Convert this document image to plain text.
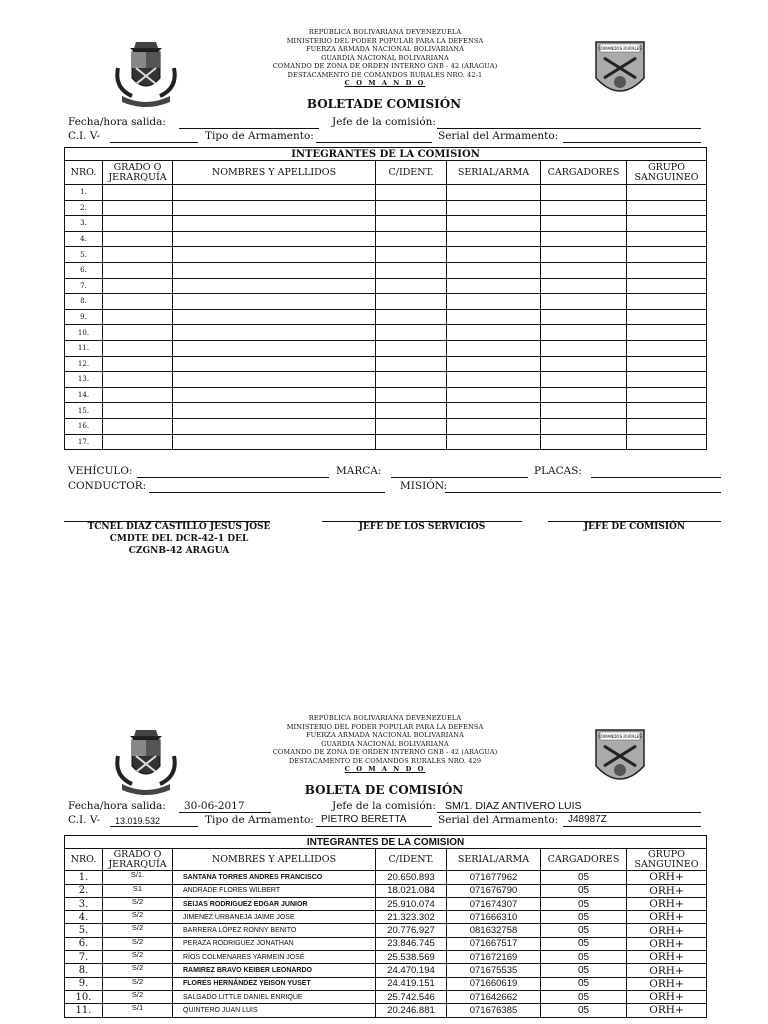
REPÚBLICA BOLIVARIANA DEVENEZUELA
MINISTERIO DEL PODER POPULAR PARA LA DEFENSA
FUERZA ARMADA NACIONAL BOLIVARIANA
GUARDIA NACIONAL BOLIVARIANA
COMANDO DE ZONA DE ORDEN INTERNO GNB - 42 (ARAGUA)
DESTACAMENTO DE COMANDOS RURALES NRO. 42-1
C O M A N D O
COMANDOS RURALES
BOLETADE COMISIÓN
Fecha/hora salida:	Jefe de la comisión:
C.I. V-	Tipo de Armamento:	Serial del Armamento:
INTEGRANTES DE LA COMISION						
NRO.	GRADO O JERARQUÍA	NOMBRES Y APELLIDOS	C/IDENT.	SERIAL/ARMA	CARGADORES	GRUPO SANGUINEO
1.						
2.						
3.						
4.						
5.						
6.						
7.						
8.						
9.						
10.						
11.						
12.						
13.						
14.						
15.						
16.						
17.						
VEHÍCULO:	MARCA:	PLACAS:
CONDUCTOR:	MISIÓN:
TCNEL DIAZ CASTILLO JESUS JOSE
CMDTE DEL DCR-42-1 DEL
CZGNB-42 ARAGUA
JEFE DE LOS SERVICIOS	JEFE DE COMISIÓN
REPÚBLICA BOLIVARIANA DEVENEZUELA
MINISTERIO DEL PODER POPULAR PARA LA DEFENSA
FUERZA ARMADA NACIONAL BOLIVARIANA
GUARDIA NACIONAL BOLIVARIANA
COMANDO DE ZONA DE ORDEN INTERNO GNB - 42 (ARAGUA)
DESTACAMENTO DE COMANDOS RURALES NRO. 429
C O M A N D O
COMANDOS RURALES
BOLETA DE COMISIÓN
Fecha/hora salida: 30-06-2017	Jefe de la comisión: SM/1. DIAZ ANTIVERO LUIS
C.I. V- 13.019.532	Tipo de Armamento: PIETRO BERETTA	Serial del Armamento: J48987Z
INTEGRANTES DE LA COMISION						
NRO.	GRADO O JERARQUÍA	NOMBRES Y APELLIDOS	C/IDENT.	SERIAL/ARMA	CARGADORES	GRUPO SANGUINEO
1.	S/1.	SANTANA TORRES ANDRES FRANCISCO	20.650.893	071677962	05	ORH+
2.	S1	ANDRADE FLORES WILBERT	18.021.084	071676790	05	ORH+
3.	S/2	SEIJAS RODRIGUEZ EDGAR JUNIOR	25.910.074	071674307	05	ORH+
4.	S/2	JIMENEZ URBANEJA JAIME JOSE	21.323.302	071666310	05	ORH+
5.	S/2	BARRERA LÓPEZ RONNY BENITO	20.776.927	081632758	05	ORH+
6.	S/2	PERAZA RODRIGUEZ JONATHAN	23.846.745	071667517	05	ORH+
7.	S/2	RÍOS COLMENARES YARMEIN JOSÉ	25.538.569	071672169	05	ORH+
8.	S/2	RAMIREZ BRAVO KEIBER LEONARDO	24.470.194	071675535	05	ORH+
9.	S/2	FLORES HERNÁNDEZ YEISON YUSET	24.419.151	071660619	05	ORH+
10.	S/2	SALGADO LITTLE DANIEL ENRIQUE	25.742.546	071642662	05	ORH+
11.	S/1	QUINTERO JUAN LUIS	20.246.881	071676385	05	ORH+
